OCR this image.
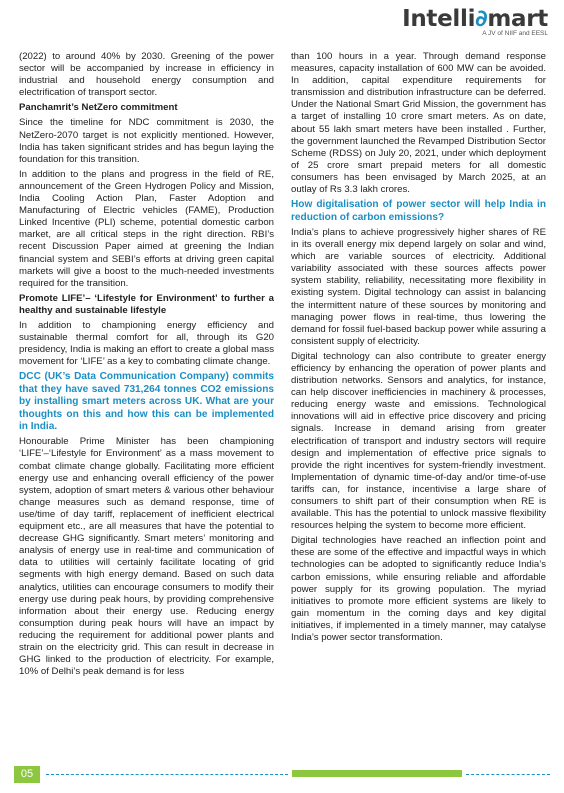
Intelli∂mart
A JV of NIIF and EESL

(2022) to around 40% by 2030. Greening of the power sector will be accompanied by increase in efficiency in industrial and household energy consumption and electrification of transport sector.

Panchamrit’s NetZero commitment

Since the timeline for NDC commitment is 2030, the NetZero-2070 target is not explicitly mentioned. However, India has taken significant strides and has begun laying the foundation for this transition.

In addition to the plans and progress in the field of RE, announcement of the Green Hydrogen Policy and Mission, India Cooling Action Plan, Faster Adoption and Manufacturing of Electric vehicles (FAME), Production Linked Incentive (PLI) scheme, potential domestic carbon market, are all critical steps in the right direction. RBI’s recent Discussion Paper aimed at greening the Indian financial system and SEBI’s efforts at driving green capital markets will give a boost to the much-needed investments required for the transition.

Promote LIFE’– ‘Lifestyle for Environment’ to further a healthy and sustainable lifestyle

In addition to championing energy efficiency and sustainable thermal comfort for all, through its G20 presidency, India is making an effort to create a global mass movement for ‘LIFE’ as a key to combating climate change.

DCC (UK’s Data Communication Company) commits that they have saved 731,264 tonnes CO2 emissions by installing smart meters across UK. What are your thoughts on this and how this can be implemented in India.

Honourable Prime Minister has been championing ‘LIFE’–‘Lifestyle for Environment’ as a mass movement to combat climate change globally. Facilitating more efficient energy use and enhancing overall efficiency of the power system, adoption of smart meters & various other behaviour change measures such as demand response, time of use/time of day tariff, replacement of inefficient electrical equipment etc., are all measures that have the potential to decrease GHG significantly. Smart meters’ monitoring and analysis of energy use in real-time and communication of data to utilities will certainly facilitate locating of grid segments with high energy demand. Based on such data analytics, utilities can encourage consumers to modify their energy use during peak hours, by providing comprehensive information about their energy use. Reducing energy consumption during peak hours will have an impact by reducing the requirement for additional power plants and strain on the electricity grid. This can result in decrease in GHG linked to the production of electricity. For example, 10% of Delhi’s peak demand is for less

than 100 hours in a year. Through demand response measures, capacity installation of 600 MW can be avoided. In addition, capital expenditure requirements for transmission and distribution infrastructure can be deferred. Under the National Smart Grid Mission, the government has a target of installing 10 crore smart meters. As on date, about 55 lakh smart meters have been installed . Further, the government launched the Revamped Distribution Sector Scheme (RDSS) on July 20, 2021, under which deployment of 25 crore smart prepaid meters for all domestic consumers has been envisaged by March 2025, at an outlay of Rs 3.3 lakh crores.

How digitalisation of power sector will help India in reduction of carbon emissions?

India’s plans to achieve progressively higher shares of RE in its overall energy mix depend largely on solar and wind, which are variable sources of electricity. Additional variability associated with these sources affects power system stability, reliability, necessitating more flexibility in existing system. Digital technology can assist in balancing the intermittent nature of these sources by monitoring and managing power flows in real-time, thus lowering the demand for fossil fuel-based backup power while assuring a consistent supply of electricity.

Digital technology can also contribute to greater energy efficiency by enhancing the operation of power plants and distribution networks. Sensors and analytics, for instance, can help discover inefficiencies in machinery & processes, reducing energy waste and emissions. Technological innovations will aid in effective price discovery and pricing signals. Increase in demand arising from greater electrification of transport and industry sectors will require design and implementation of effective price signals to provide the right incentives for system-friendly investment. Implementation of dynamic time-of-day and/or time-of-use tariffs can, for instance, incentivise a large share of consumers to shift part of their consumption when RE is available. This has the potential to unlock massive flexibility resources helping the system to become more efficient.

Digital technologies have reached an inflection point and these are some of the effective and impactful ways in which technologies can be adopted to significantly reduce India’s carbon emissions, while ensuring reliable and affordable power supply for its growing population. The myriad initiatives to promote more efficient systems are likely to gain momentum in the coming days and key digital initiatives, if implemented in a timely manner, may catalyse India’s power sector transformation.

05
